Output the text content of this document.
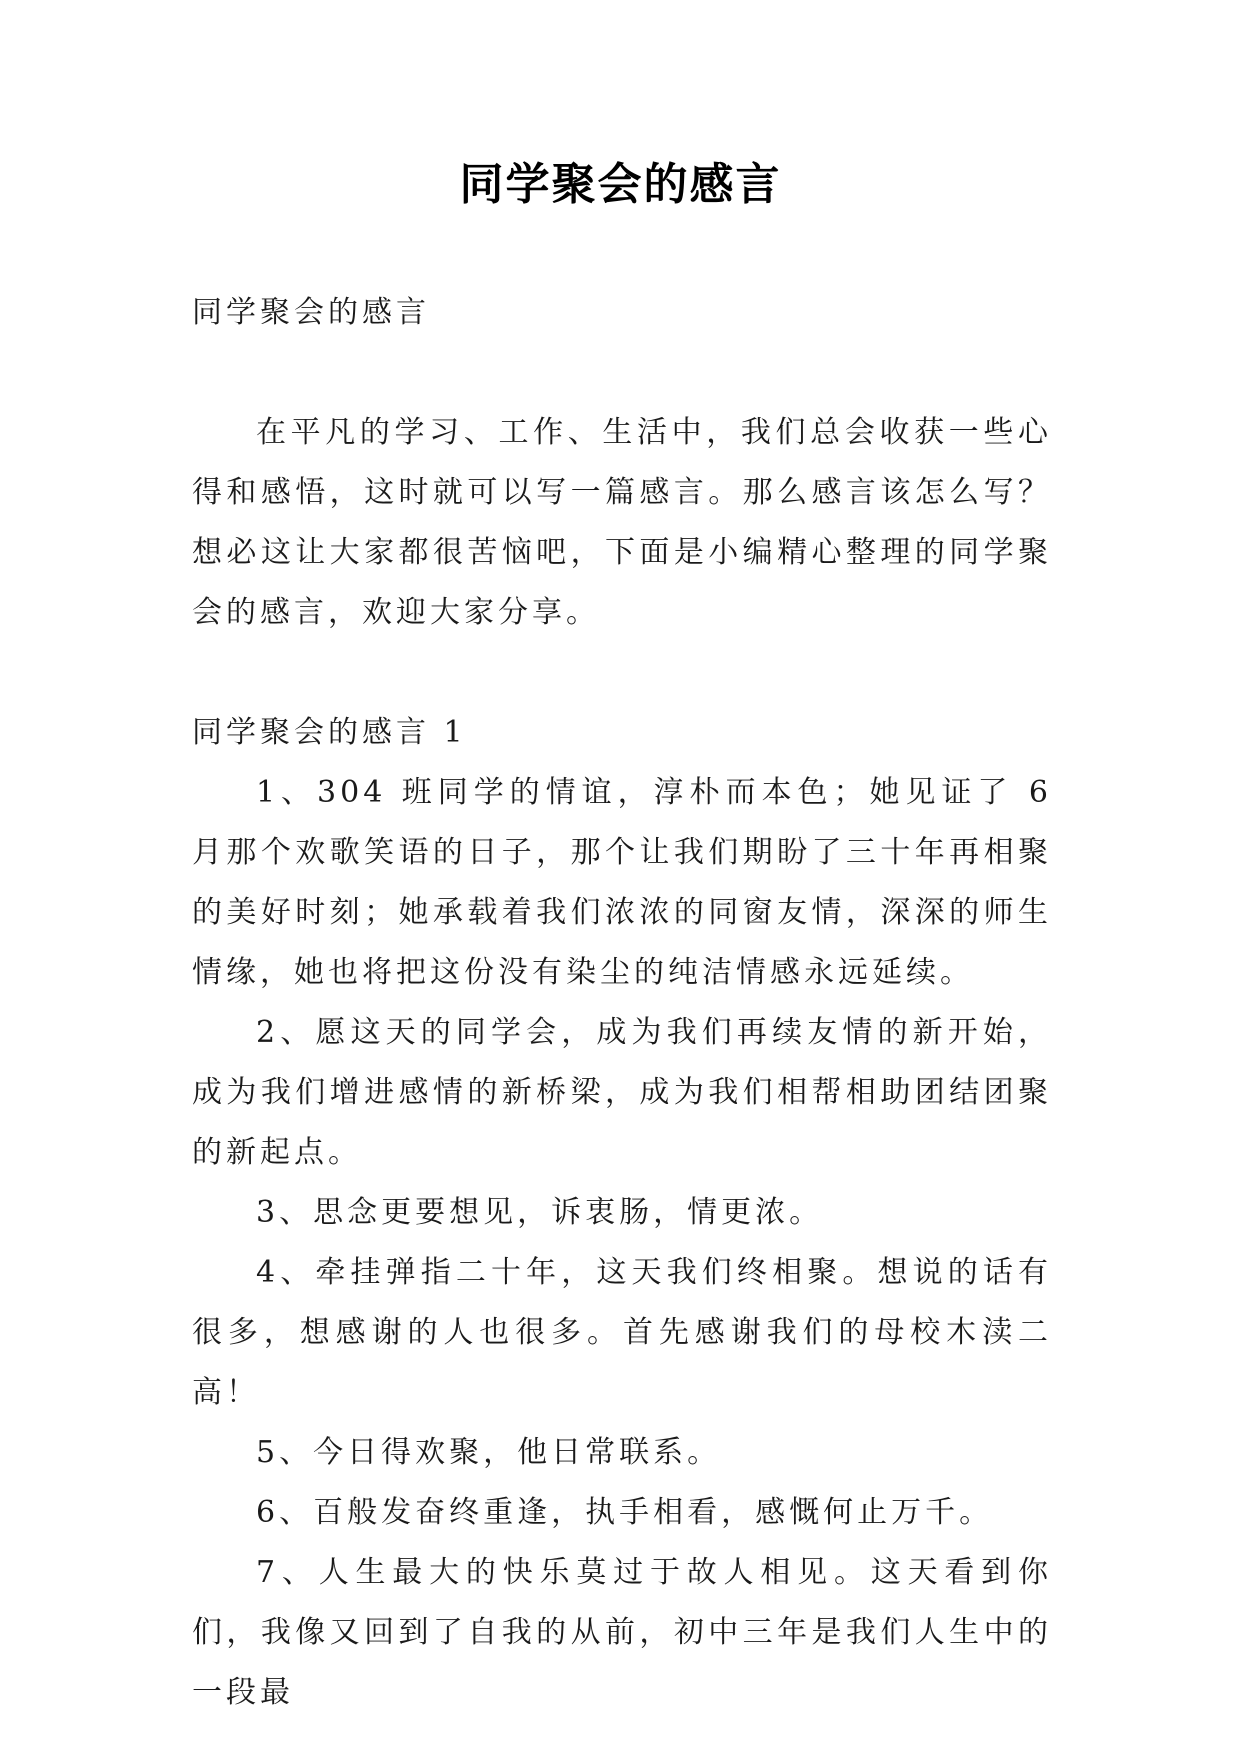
同学聚会的感言

同学聚会的感言

在平凡的学习、工作、生活中，我们总会收获一些心得和感悟，这时就可以写一篇感言。那么感言该怎么写？想必这让大家都很苦恼吧，下面是小编精心整理的同学聚会的感言，欢迎大家分享。

同学聚会的感言 1

1、304 班同学的情谊，淳朴而本色；她见证了 6 月那个欢歌笑语的日子，那个让我们期盼了三十年再相聚的美好时刻；她承载着我们浓浓的同窗友情，深深的师生情缘，她也将把这份没有染尘的纯洁情感永远延续。

2、愿这天的同学会，成为我们再续友情的新开始，成为我们增进感情的新桥梁，成为我们相帮相助团结团聚的新起点。

3、思念更要想见，诉衷肠，情更浓。

4、牵挂弹指二十年，这天我们终相聚。想说的话有很多，想感谢的人也很多。首先感谢我们的母校木渎二高！

5、今日得欢聚，他日常联系。

6、百般发奋终重逢，执手相看，感慨何止万千。

7、人生最大的快乐莫过于故人相见。这天看到你们，我像又回到了自我的从前，初中三年是我们人生中的一段最
